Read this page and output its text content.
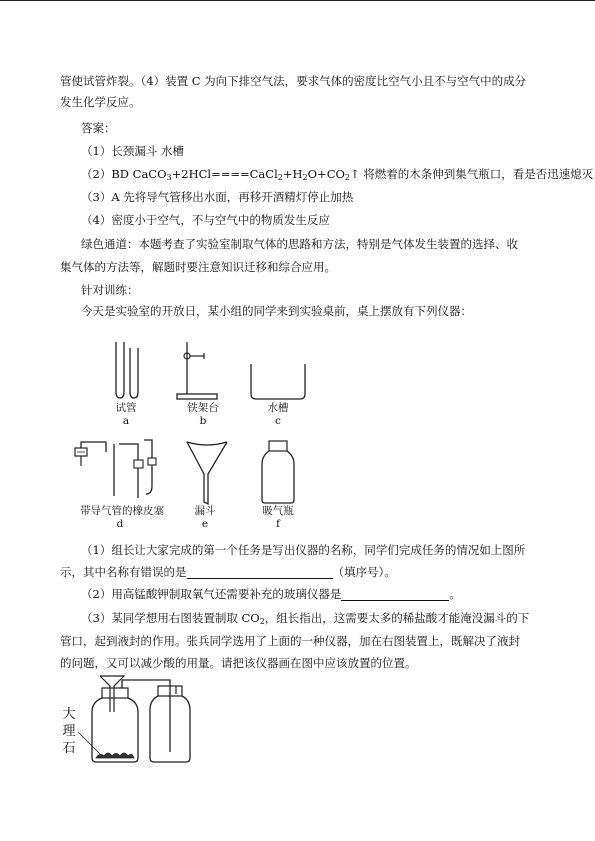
管使试管炸裂。（4）装置 C 为向下排空气法，要求气体的密度比空气小且不与空气中的成分

发生化学反应。

答案：

（1）长颈漏斗 水槽

（2）BD $CaCO_3+2HCl====CaCl_2+H_2O+CO_2↑$ 将燃着的木条伸到集气瓶口，看是否迅速熄灭

（3）A 先将导气管移出水面，再移开酒精灯停止加热

（4）密度小于空气，不与空气中的物质发生反应

绿色通道：本题考查了实验室制取气体的思路和方法，特别是气体发生装置的选择、收

集气体的方法等，解题时要注意知识迁移和综合应用。

针对训练：

今天是实验室的开放日，某小组的同学来到实验桌前，桌上摆放有下列仪器：

试管
a
铁架台
b
水槽
c
带导气管的橡皮塞
d
漏斗
e
吸气瓶
f

（1）组长让大家完成的第一个任务是写出仪器的名称，同学们完成任务的情况如上图所

示，其中名称有错误的是	（填序号）。

（2）用高锰酸钾制取氧气还需要补充的玻璃仪器是	。

（3）某同学想用右图装置制取 $CO_2$，组长指出，这需要太多的稀盐酸才能淹没漏斗的下

管口，起到液封的作用。张兵同学选用了上面的一种仪器，加在右图装置上，既解决了液封

的问题，又可以减少酸的用量。请把该仪器画在图中应该放置的位置。

大
理
石
